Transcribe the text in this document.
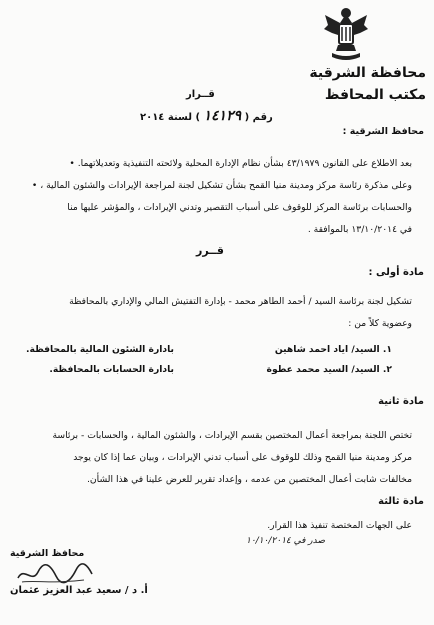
محافظة الشرقية
مكتب المحافظ
قــرار
رقم ( ١٤١٢٩ ) لسنة ٢٠١٤
محافظ الشرقية :
بعد الاطلاع على القانون ٤٣/١٩٧٩ بشأن نظام الإدارة المحلية ولائحته التنفيذية وتعديلاتهما. •
وعلى مذكرة رئاسة مركز ومدينة منيا القمح بشأن تشكيل لجنة لمراجعة الإيرادات والشئون المالية ، •
والحسابات برئاسة المركز للوقوف على أسباب التقصير وتدني الإيرادات ، والمؤشر عليها منا
في ١٣/١٠/٢٠١٤ بالموافقة .
قــرر
مادة أولى :
تشكيل لجنة برئاسة السيد / أحمد الطاهر محمد - بإدارة التفتيش المالي والإداري بالمحافظة
وعضوية كلاً من :
١. السيد/ اياد احمد شاهين
بادارة الشئون المالية بالمحافظة.
٢. السيد/ السيد محمد عطوة
بادارة الحسابات بالمحافظة.
مادة ثانية
تختص اللجنة بمراجعة أعمال المختصين بقسم الإيرادات ، والشئون المالية ، والحسابات - برئاسة
مركز ومدينة منيا القمح وذلك للوقوف على أسباب تدني الإيرادات ، وبيان عما إذا كان يوجد
مخالفات شابت أعمال المختصين من عدمه ، وإعداد تقرير للعرض علينا في هذا الشأن.
مادة ثالثة
على الجهات المختصة تنفيذ هذا القرار.
صدر في ١٠/١٠/٢٠١٤
محافظ الشرقية
أ. د / سعيد عبد العزيز عثمان
